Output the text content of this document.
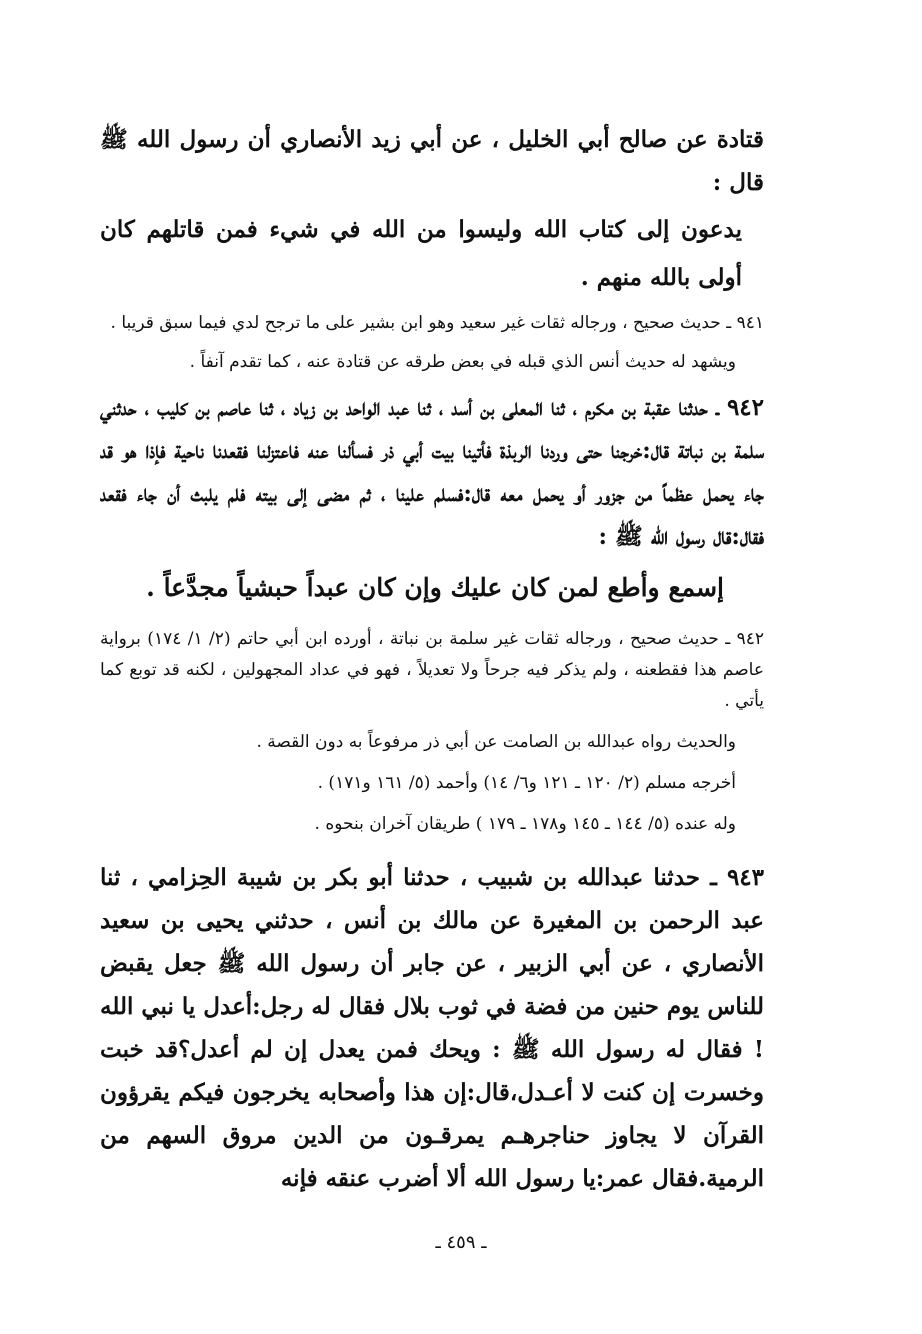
قتادة عن صالح أبي الخليل ، عن أبي زيد الأنصاري أن رسول الله ﷺ قال :

يدعون إلى كتاب الله وليسوا من الله في شيء فمن قاتلهم كان أولى بالله منهم .

٩٤١ ـ حديث صحيح ، ورجاله ثقات غير سعيد وهو ابن بشير على ما ترجح لدي فيما سبق قريبا .

ويشهد له حديث أنس الذي قبله في بعض طرقه عن قتادة عنه ، كما تقدم آنفاً .

٩٤٢ ـ حدثنا عقبة بن مكرم ، ثنا المعلى بن أسد ، ثنا عبد الواحد بن زياد ، ثنا عاصم بن كليب ، حدثني سلمة بن نباتة قال:خرجنا حتى وردنا الربذة فأتينا بيت أبي ذر فسألنا عنه فاعتزلنا فقعدنا ناحية فإذا هو قد جاء يحمل عظماً من جزور أو يحمل معه قال:فسلم علينا ، ثم مضى إلى بيته فلم يلبث أن جاء فقعد فقال:قال رسول الله ﷺ :

إسمع وأطع لمن كان عليك وإن كان عبداً حبشياً مجدَّعاً .

٩٤٢ ـ حديث صحيح ، ورجاله ثقات غير سلمة بن نباتة ، أورده ابن أبي حاتم (٢/ ١/ ١٧٤) برواية عاصم هذا فقطعنه ، ولم يذكر فيه جرحاً ولا تعديلاً ، فهو في عداد المجهولين ، لكنه قد توبع كما يأتي .

والحديث رواه عبدالله بن الصامت عن أبي ذر مرفوعاً به دون القصة .

أخرجه مسلم (٢/ ١٢٠ ـ ١٢١ و٦/ ١٤) وأحمد (٥/ ١٦١ و١٧١) .

وله عنده (٥/ ١٤٤ ـ ١٤٥ و١٧٨ ـ ١٧٩ ) طريقان آخران بنحوه .

٩٤٣ ـ حدثنا عبدالله بن شبيب ، حدثنا أبو بكر بن شيبة الحِزامي ، ثنا عبد الرحمن بن المغيرة عن مالك بن أنس ، حدثني يحيى بن سعيد الأنصاري ، عن أبي الزبير ، عن جابر أن رسول الله ﷺ جعل يقبض للناس يوم حنين من فضة في ثوب بلال فقال له رجل:أعدل يا نبي الله ! فقال له رسول الله ﷺ : ويحك فمن يعدل إن لم أعدل؟قد خبت وخسرت إن كنت لا أعـدل،قال:إن هذا وأصحابه يخرجون فيكم يقرؤون القرآن لا يجاوز حناجرهـم يمرقـون من الدين مروق السهم من الرمية.فقال عمر:يا رسول الله ألا أضرب عنقه فإنه

ـ ٤٥٩ ـ
